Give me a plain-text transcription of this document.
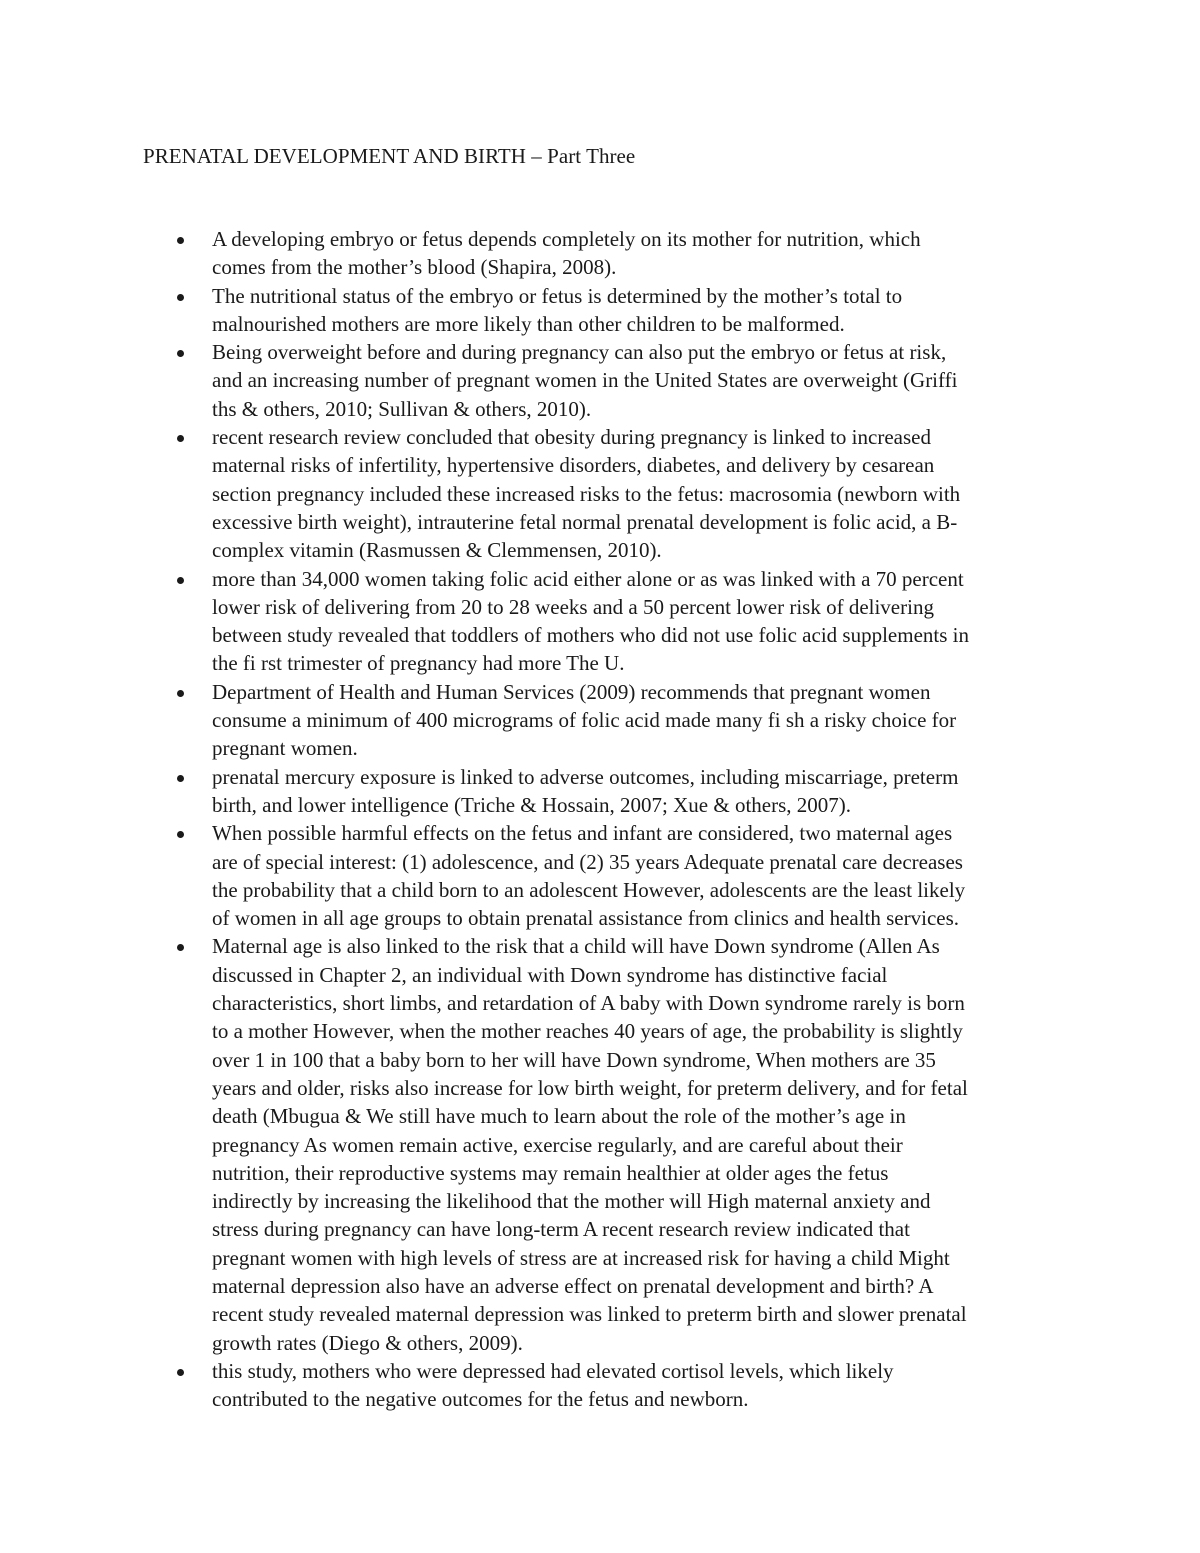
PRENATAL DEVELOPMENT AND BIRTH – Part Three
A developing embryo or fetus depends completely on its mother for nutrition, which
comes from the mother’s blood (Shapira, 2008).
The nutritional status of the embryo or fetus is determined by the mother’s total to
malnourished mothers are more likely than other children to be malformed.
Being overweight before and during pregnancy can also put the embryo or fetus at risk,
and an increasing number of pregnant women in the United States are overweight (Griffi
ths & others, 2010; Sullivan & others, 2010).
recent research review concluded that obesity during pregnancy is linked to increased
maternal risks of infertility, hypertensive disorders, diabetes, and delivery by cesarean
section pregnancy included these increased risks to the fetus: macrosomia (newborn with
excessive birth weight), intrauterine fetal normal prenatal development is folic acid, a B-
complex vitamin (Rasmussen & Clemmensen, 2010).
more than 34,000 women taking folic acid either alone or as was linked with a 70 percent
lower risk of delivering from 20 to 28 weeks and a 50 percent lower risk of delivering
between study revealed that toddlers of mothers who did not use folic acid supplements in
the fi rst trimester of pregnancy had more The U.
Department of Health and Human Services (2009) recommends that pregnant women
consume a minimum of 400 micrograms of folic acid made many fi sh a risky choice for
pregnant women.
prenatal mercury exposure is linked to adverse outcomes, including miscarriage, preterm
birth, and lower intelligence (Triche & Hossain, 2007; Xue & others, 2007).
When possible harmful effects on the fetus and infant are considered, two maternal ages
are of special interest: (1) adolescence, and (2) 35 years Adequate prenatal care decreases
the probability that a child born to an adolescent However, adolescents are the least likely
of women in all age groups to obtain prenatal assistance from clinics and health services.
Maternal age is also linked to the risk that a child will have Down syndrome (Allen As
discussed in Chapter 2, an individual with Down syndrome has distinctive facial
characteristics, short limbs, and retardation of A baby with Down syndrome rarely is born
to a mother However, when the mother reaches 40 years of age, the probability is slightly
over 1 in 100 that a baby born to her will have Down syndrome, When mothers are 35
years and older, risks also increase for low birth weight, for preterm delivery, and for fetal
death (Mbugua & We still have much to learn about the role of the mother’s age in
pregnancy As women remain active, exercise regularly, and are careful about their
nutrition, their reproductive systems may remain healthier at older ages the fetus
indirectly by increasing the likelihood that the mother will High maternal anxiety and
stress during pregnancy can have long-term A recent research review indicated that
pregnant women with high levels of stress are at increased risk for having a child Might
maternal depression also have an adverse effect on prenatal development and birth? A
recent study revealed maternal depression was linked to preterm birth and slower prenatal
growth rates (Diego & others, 2009).
this study, mothers who were depressed had elevated cortisol levels, which likely
contributed to the negative outcomes for the fetus and newborn.
